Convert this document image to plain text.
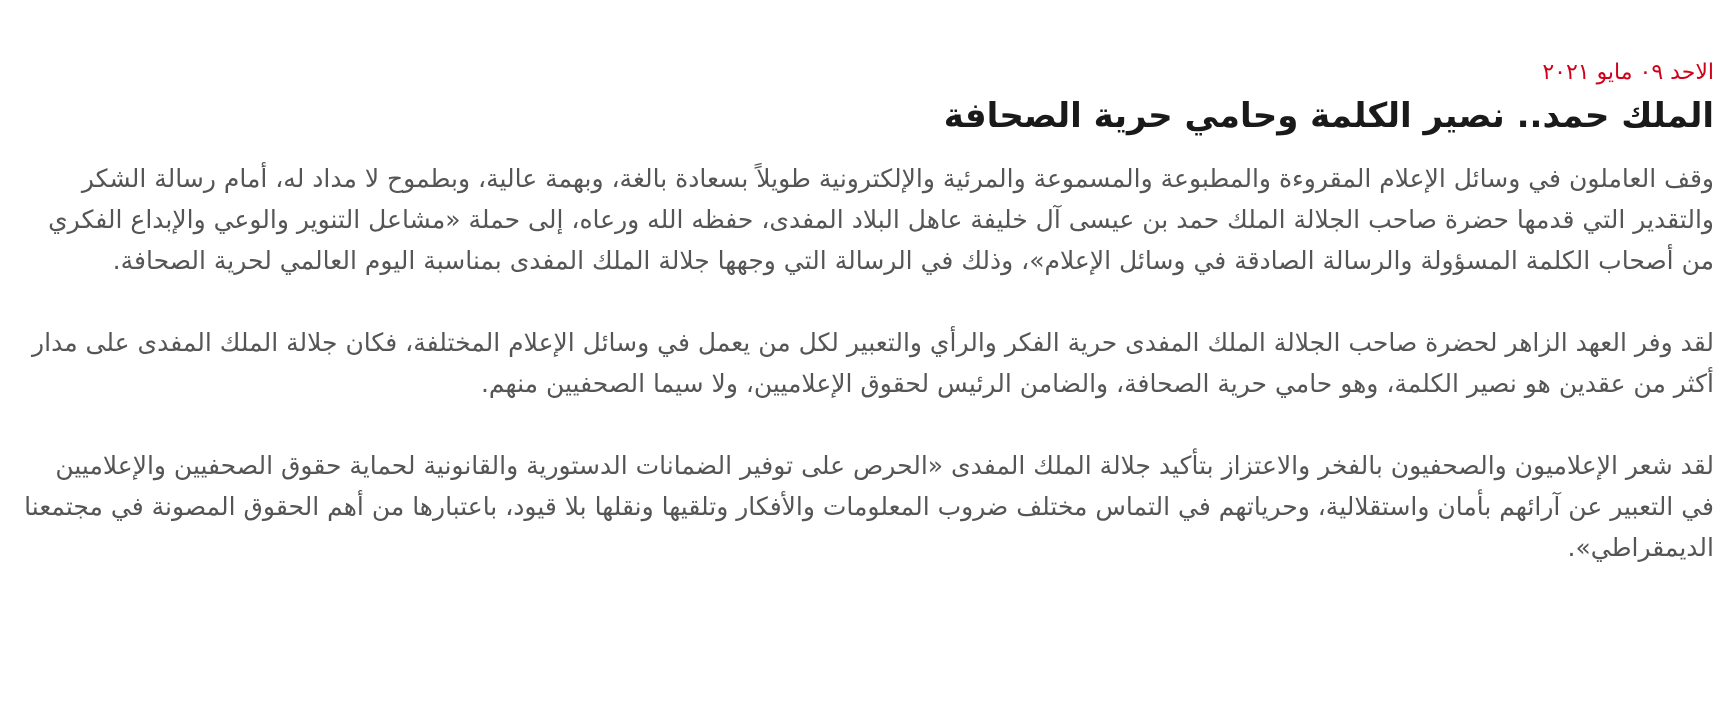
الاحد ٠٩ مايو ٢٠٢١
الملك حمد.. نصير الكلمة وحامي حرية الصحافة

وقف العاملون في وسائل الإعلام المقروءة والمطبوعة والمسموعة والمرئية والإلكترونية طويلاً بسعادة بالغة، وبهمة عالية، وبطموح لا مداد له، أمام رسالة الشكر والتقدير التي قدمها حضرة صاحب الجلالة الملك حمد بن عيسى آل خليفة عاهل البلاد المفدى، حفظه الله ورعاه، إلى حملة «مشاعل التنوير والوعي والإبداع الفكري من أصحاب الكلمة المسؤولة والرسالة الصادقة في وسائل الإعلام»، وذلك في الرسالة التي وجهها جلالة الملك المفدى بمناسبة اليوم العالمي لحرية الصحافة.

لقد وفر العهد الزاهر لحضرة صاحب الجلالة الملك المفدى حرية الفكر والرأي والتعبير لكل من يعمل في وسائل الإعلام المختلفة، فكان جلالة الملك المفدى على مدار أكثر من عقدين هو نصير الكلمة، وهو حامي حرية الصحافة، والضامن الرئيس لحقوق الإعلاميين، ولا سيما الصحفيين منهم.

لقد شعر الإعلاميون والصحفيون بالفخر والاعتزاز بتأكيد جلالة الملك المفدى «الحرص على توفير الضمانات الدستورية والقانونية لحماية حقوق الصحفيين والإعلاميين في التعبير عن آرائهم بأمان واستقلالية، وحرياتهم في التماس مختلف ضروب المعلومات والأفكار وتلقيها ونقلها بلا قيود، باعتبارها من أهم الحقوق المصونة في مجتمعنا الديمقراطي».
